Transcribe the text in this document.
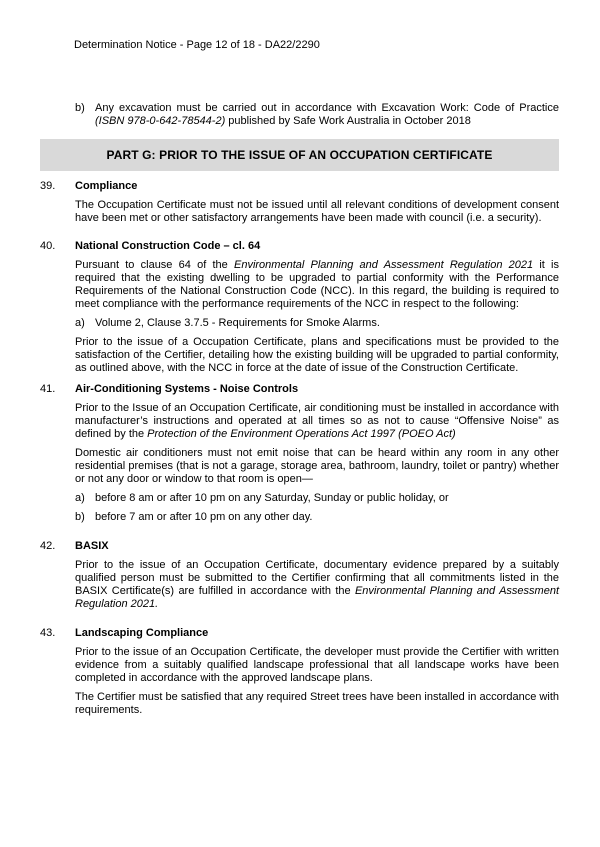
Determination Notice - Page 12 of 18 - DA22/2290
b) Any excavation must be carried out in accordance with Excavation Work: Code of Practice (ISBN 978-0-642-78544-2) published by Safe Work Australia in October 2018
PART G: PRIOR TO THE ISSUE OF AN OCCUPATION CERTIFICATE
39.	Compliance

The Occupation Certificate must not be issued until all relevant conditions of development consent have been met or other satisfactory arrangements have been made with council (i.e. a security).

40.	National Construction Code – cl. 64

Pursuant to clause 64 of the Environmental Planning and Assessment Regulation 2021 it is required that the existing dwelling to be upgraded to partial conformity with the Performance Requirements of the National Construction Code (NCC). In this regard, the building is required to meet compliance with the performance requirements of the NCC in respect to the following:

a) Volume 2, Clause 3.7.5 - Requirements for Smoke Alarms.

Prior to the issue of a Occupation Certificate, plans and specifications must be provided to the satisfaction of the Certifier, detailing how the existing building will be upgraded to partial conformity, as outlined above, with the NCC in force at the date of issue of the Construction Certificate.

41.	Air-Conditioning Systems - Noise Controls

Prior to the Issue of an Occupation Certificate, air conditioning must be installed in accordance with manufacturer’s instructions and operated at all times so as not to cause “Offensive Noise” as defined by the Protection of the Environment Operations Act 1997 (POEO Act)

Domestic air conditioners must not emit noise that can be heard within any room in any other residential premises (that is not a garage, storage area, bathroom, laundry, toilet or pantry) whether or not any door or window to that room is open—

a) before 8 am or after 10 pm on any Saturday, Sunday or public holiday, or
b) before 7 am or after 10 pm on any other day.
42.	BASIX

Prior to the issue of an Occupation Certificate, documentary evidence prepared by a suitably qualified person must be submitted to the Certifier confirming that all commitments listed in the BASIX Certificate(s) are fulfilled in accordance with the Environmental Planning and Assessment Regulation 2021.

43.	Landscaping Compliance

Prior to the issue of an Occupation Certificate, the developer must provide the Certifier with written evidence from a suitably qualified landscape professional that all landscape works have been completed in accordance with the approved landscape plans.

The Certifier must be satisfied that any required Street trees have been installed in accordance with requirements.
